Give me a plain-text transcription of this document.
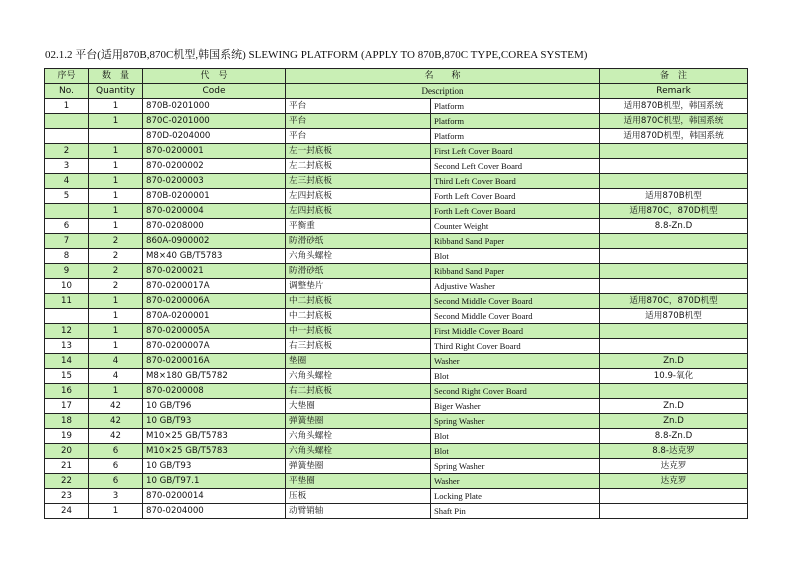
02.1.2 平台(适用870B,870C机型,韩国系统) SLEWING PLATFORM (APPLY TO 870B,870C TYPE,COREA SYSTEM)
序号	数　量	代　号	名　　称		备　注
No.	Quantity	Code	Description		Remark
1	1	870B-0201000	平台	Platform	适用870B机型，韩国系统
	1	870C-0201000	平台	Platform	适用870C机型，韩国系统
		870D-0204000	平台	Platform	适用870D机型，韩国系统
2	1	870-0200001	左一封底板	First Left Cover Board	
3	1	870-0200002	左二封底板	Second Left Cover Board	
4	1	870-0200003	左三封底板	Third Left Cover Board	
5	1	870B-0200001	左四封底板	Forth Left Cover Board	适用870B机型
	1	870-0200004	左四封底板	Forth Left Cover Board	适用870C，870D机型
6	1	870-0208000	平衡重	Counter Weight	8.8-Zn.D
7	2	860A-0900002	防滑砂纸	Ribband Sand Paper	
8	2	M8×40 GB/T5783	六角头螺栓	Blot	
9	2	870-0200021	防滑砂纸	Ribband Sand Paper	
10	2	870-0200017A	调整垫片	Adjustive Washer	
11	1	870-0200006A	中二封底板	Second Middle Cover Board	适用870C，870D机型
	1	870A-0200001	中二封底板	Second Middle Cover Board	适用870B机型
12	1	870-0200005A	中一封底板	First Middle Cover Board	
13	1	870-0200007A	右三封底板	Third Right Cover Board	
14	4	870-0200016A	垫圈	Washer	Zn.D
15	4	M8×180 GB/T5782	六角头螺栓	Blot	10.9-氧化
16	1	870-0200008	右二封底板	Second Right Cover Board	
17	42	10 GB/T96	大垫圈	Biger Washer	Zn.D
18	42	10 GB/T93	弹簧垫圈	Spring Washer	Zn.D
19	42	M10×25 GB/T5783	六角头螺栓	Blot	8.8-Zn.D
20	6	M10×25 GB/T5783	六角头螺栓	Blot	8.8-达克罗
21	6	10 GB/T93	弹簧垫圈	Spring Washer	达克罗
22	6	10 GB/T97.1	平垫圈	Washer	达克罗
23	3	870-0200014	压板	Locking Plate	
24	1	870-0204000	动臂销轴	Shaft Pin	
